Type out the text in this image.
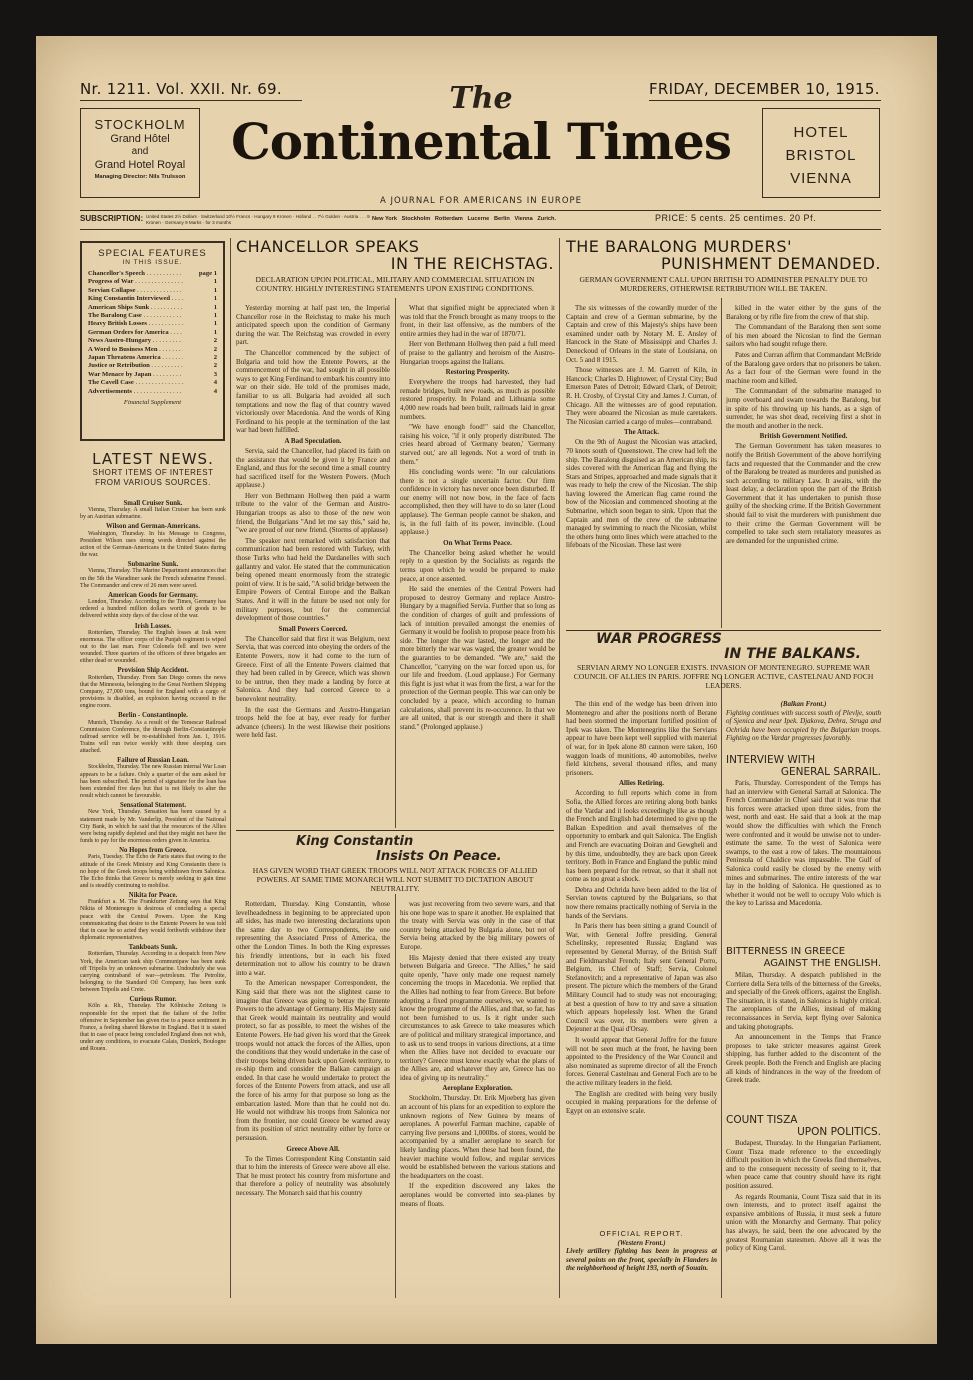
Nr. 1211. Vol. XXII. Nr. 69.	FRIDAY, DECEMBER 10, 1915.
STOCKHOLM
Grand Hôtel
and
Grand Hotel Royal
Managing Director: Nils Trulsson
The
Continental Times
A JOURNAL FOR AMERICANS IN EUROPE
HOTEL
BRISTOL
VIENNA
SUBSCRIPTION: United States 2½ Dollars · Switzerland 10½ Francs · Hungary 9 Kronen · Holland . . 7½ Gulden · Austria . . . 9 Kronen · Germany 9 Marks · for 3 months
New York   Stockholm   Rotterdam   Lucerne   Berlin   Vienna   Zurich.	PRICE: 5 cents. 25 centimes. 20 Pf.
SPECIAL FEATURES
IN THIS ISSUE.
Chancellor's Speech . . .	page 1
Progress of War . . .	1
Servian Collapse . . .	1
King Constantin Interviewed . . .	1
American Ships Sunk . . .	1
The Baralong Case . . .	1
Heavy British Losses . . .	1
German Orders for America . . .	1
News Austro-Hungary . . .	2
A Word to Business Men . . .	2
Japan Threatens America . . .	2
Justice or Retribution . . .	2
War Menace by Japan . . .	3
The Cavell Case . . .	4
Advertisements . . .	4
Financial Supplement
LATEST NEWS.
SHORT ITEMS OF INTEREST FROM VARIOUS SOURCES.
Small Cruiser Sunk.

Vienna, Thursday. A small Italian Cruiser has been sunk by an Austrian submarine.

Wilson and German-Americans.

Washington, Thursday. In his Message to Congress, President Wilson uses strong words directed against the action of the German-Americans in the United States during the war.

Submarine Sunk.

Vienna, Thursday. The Marine Department announces that on the 5th the Waradiner sank the French submarine Fresnel. The Commander and crew of 26 men were saved.

American Goods for Germany.

London, Thursday. According to the Times, Germany has ordered a hundred million dollars worth of goods to be delivered within sixty days of the close of the war.

Irish Losses.

Rotterdam, Thursday. The English losses at Irak were enormous. The officer corps of the Punjab regiment is wiped out to the last man. Four Colonels fell and two were wounded. Three quarters of the officers of three brigades are either dead or wounded.

Provision Ship Accident.

Rotterdam, Thursday. From San Diego comes the news that the Minnesota, belonging to the Great Northern Shipping Company, 27,000 tons, bound for England with a cargo of provisions is disabled, an explosion having occured in the engine room.

Berlin - Constantinople.

Munich, Thursday. As a result of the Temescar Railroad Commission Conference, the through Berlin-Constantinople railroad service will be re-established from Jan. 1, 1916. Trains will run twice weekly with three sleeping cars attached.

Failure of Russian Loan.

Stockholm, Thursday. The new Russian internal War Loan appears to be a failure. Only a quarter of the sum asked for has been subscribed. The period of signature for the loan has been extended five days but that is not likely to alter the result which cannot be favourable.

Sensational Statement.

New York, Thursday. Sensation has been caused by a statement made by Mr. Vanderlip, President of the National City Bank, in which he said that the resources of the Allies were being rapidly depleted and that they might not have the funds to pay for the enormous orders given in America.

No Hopes from Greece.

Paris, Tuesday. The Echo de Paris states that owing to the attitude of the Greek Ministry and King Constantin there is no hope of the Greek troops being withdrawn from Salonica. The Echo thinks that Greece is merely seeking to gain time and is steadily continuing to mobilise.

Nikita for Peace.

Frankfurt a. M. The Frankfurter Zeitung says that King Nikita of Montenegro is desirous of concluding a special peace with the Central Powers. Upon the King communicating that desire to the Entente Powers he was told that in case he so acted they would forthwith withdraw their diplomatic representatives.

Tankboats Sunk.

Rotterdam, Thursday. According to a despatch from New York, the American tank ship Communipaw has been sunk off Tripolis by an unknown submarine. Undoubtely she was carrying contraband of war—petroleum. The Petrolite, belonging to the Standard Oil Company, has been sunk between Tripolis and Crete.

Curious Rumor.

Köln a. Rh., Thursday. The Kölnische Zeitung is responsible for the report that the failure of the Joffre offensive in September has given rise to a peace sentiment in France, a feeling shared likewise in England. But it is stated that in case of peace being concluded England does not wish, under any conditions, to evacuate Calais, Dunkirk, Boulogne and Rouen.

CHANCELLOR SPEAKS
IN THE REICHSTAG.
DECLARATION UPON POLITICAL, MILITARY AND COMMERCIAL SITUATION IN COUNTRY. HIGHLY INTERESTING STATEMENTS UPON EXISTING CONDITIONS.

Yesterday morning at half past ten, the Imperial Chancellor rose in the Reichstag to make his much anticipated speech upon the condition of Germany during the war. The Reichstag was crowded in every part.

The Chancellor commenced by the subject of Bulgaria and told how the Entente Powers, at the commencement of the war, had sought in all possible ways to get King Ferdinand to embark his country into war on their side. He told of the promises made, familiar to us all. Bulgaria had avoided all such temptations and now the flag of that country waved victoriously over Macedonia. And the words of King Ferdinand to his people at the termination of the last war had been fulfilled.

A Bad Speculation.

Servia, said the Chancellor, had placed its faith on the assistance that would be given it by France and England, and thus for the second time a small country had sacrificed itself for the Western Powers. (Much applause.)

Herr von Bethmann Hollweg then paid a warm tribute to the valor of the German and Austro-Hungarian troops as also to those of the new won friend, the Bulgarians "And let me say this," said he, "we are proud of our new friend. (Storms of applause)

The speaker next remarked with satisfaction that communication had been restored with Turkey, with those Turks who had held the Dardanelles with such gallantry and valor. He stated that the communication being opened meant enormously from the strategic point of view. It is he said, "A solid bridge between the Empire Powers of Central Europe and the Balkan States. And it will in the future be used not only for military purposes, but for the commercial development of those countries."

Small Powers Coerced.

The Chancellor said that first it was Belgium, next Servia, that was coerced into obeying the orders of the Entente Powers, now it had come to the turn of Greece. First of all the Entente Powers claimed that they had been called in by Greece, which was shown to be untrue, then they made a landing by force at Salonica. And they had coerced Greece to a benevolent neutrality.

In the east the Germans and Austro-Hungarian troops held the foe at bay, ever ready for further advance (cheers). In the west likewise their positions were held fast.

What that signified might be appreciated when it was told that the French brought as many troops to the front, in their last offensive, as the numbers of the entire armies they had in the war of 1870/71.

Herr von Bethmann Hollweg then paid a full meed of praise to the gallantry and heroism of the Austro-Hungarian troops against the Italians.

Restoring Prosperity.

Everywhere the troops had harvested, they had remade bridges, built new roads, as much as possible restored prosperity. In Poland and Lithuania some 4,000 new roads had been built, railroads laid in great numbers.

"We have enough food!" said the Chancellor, raising his voice, "if it only properly distributed. The cries heard abroad of 'Germany beaten,' 'Germany starved out,' are all legends. Not a word of truth in them."

His concluding words were: "In our calculations there is not a single uncertain factor. Our firm confidence in victory has never once been disturbed. If our enemy will not now bow, in the face of facts accomplished, then they will have to do so later (Loud applause). The German people cannot be shaken, and is, in the full faith of its power, invincible. (Loud applause.)

On What Terms Peace.

The Chancellor being asked whether he would reply to a question by the Socialists as regards the terms upon which he would be prepared to make peace, at once assented.

He said the enemies of the Central Powers had proposed to destroy Germany and replace Austro-Hungary by a magnified Servia. Further that so long as the condition of charges of guilt and professions of lack of intuition prevailed amongst the enemies of Germany it would be foolish to propose peace from his side. The longer the war lasted, the longer and the more bitterly the war was waged, the greater would be the guaranties to be demanded. "We are," said the Chancellor, "carrying on the war forced upon us, for our life and freedom. (Loud applause.) For Germany this fight is just what it was from the first, a war for the protection of the German people. This war can only be concluded by a peace, which according to human calculations, shall prevent its re-occurence. In that we are all united, that is our strength and there it shall stand." (Prolonged applause.)

King Constantin
Insists On Peace.
HAS GIVEN WORD THAT GREEK TROOPS WILL NOT ATTACK FORCES OF ALLIED POWERS. AT SAME TIME MONARCH WILL NOT SUBMIT TO DICTATION ABOUT NEUTRALITY.

Rotterdam, Thursday. King Constantin, whose levelheadedness in beginning to be appreciated upon all sides, has made two interesting declarations upon the same day to two Correspondents, the one representing the Associated Press of America, the other the London Times. In both the King expresses his friendly intentions, but in each his fixed determination not to allow his country to be drawn into a war.

To the American newspaper Correspondent, the King said that there was not the slightest cause to imagine that Greece was going to betray the Entente Powers to the advantage of Germany. His Majesty said that Greek would maintain its neutrality and would protect, so far as possible, to meet the wishes of the Entente Powers. He had given his word that the Greek troops would not attack the forces of the Allies, upon the conditions that they would undertake in the case of their troops being driven back upon Greek territory, to re-ship them and consider the Balkan campaign as ended. In that case he would undertake to protect the forces of the Entente Powers from attack, and use all the force of his army for that purpose so long as the embarcation lasted. More than that he could not do. He would not withdraw his troops from Salonica nor from the frontier, nor could Greece be warned away from its position of strict neutrality either by force or persuasion.

Greece Above All.

To the Times Correspondent King Constantin said that to him the interests of Greece were above all else. That he must protect his country from misfortune and that therefore a policy of neutrality was absolutely necessary. The Monarch said that his country

was just recovering from two severe wars, and that his one hope was to spare it another. He explained that the treaty with Servia was only in the case of that country being attacked by Bulgaria alone, but not of Servia being attacked by the big military powers of Europe.

His Majesty denied that there existed any treaty between Bulgaria and Greece. "The Allies," he said quite openly, "have only made one request namely concerning the troops in Macedonia. We replied that the Allies had nothing to fear from Greece. But before adopting a fixed programme ourselves, we wanted to know the programme of the Allies, and that, so far, has not been furnished to us. Is it right under such circumstances to ask Greece to take measures which are of political and military strategical importance, and to ask us to send troops in various directions, at a time when the Allies have not decided to evacuate our territory? Greece must know exactly what the plans of the Allies are, and whatever they are, Greece has no idea of giving up its neutrality."

Aeroplane Exploration.

Stockholm, Thursday. Dr. Erik Mjoeberg has given an account of his plans for an expedition to explore the unknown regions of New Guinea by means of aeroplanes. A powerful Farman machine, capable of carrying five persons and 1,000lbs. of stores, would be accompanied by a smaller aeroplane to search for likely landing places. When these had been found, the heavier machine would follow, and regular services would be established between the various stations and the headquarters on the coast.

If the expedition discovered any lakes the aeroplanes would be converted into sea-planes by means of floats.

THE BARALONG MURDERS'
PUNISHMENT DEMANDED.
GERMAN GOVERNMENT CALL UPON BRITISH TO ADMINISTER PENALTY DUE TO MURDERERS, OTHERWISE RETRIBUTION WILL BE TAKEN.

The six witnesses of the cowardly murder of the Captain and crew of a German submarine, by the Captain and crew of this Majesty's ships have been examined under oath by Notary M. E. Ansley of Hancock in the State of Mississippi and Charles J. Deneckoud of Orleans in the state of Louisiana, on Oct. 5 and 8 1915.

Those witnesses are J. M. Garrett of Kiln, in Hancock; Charles D. Hightower, of Crystal City; Bud Emerson Pates of Detroit; Edward Clark, of Detroit; R. H. Crosby, of Crystal City and James J. Curran, of Chicago. All the witnesses are of good reputation. They were aboared the Nicosian as mule caretakers. The Nicosian carried a cargo of mules—contraband.

The Attack.

On the 9th of August the Nicosian was attacked, 70 knots south of Queenstown. The crew had left the ship. The Baralong disguised as an American ship, its sides covered with the American flag and flying the Stars and Stripes, approached and made signals that it was ready to help the crew of the Nicosian. The ship having lowered the American flag came round the bow of the Nicosian and commenced shooting at the Submarine, which soon began to sink. Upon that the Captain and men of the crew of the submarine managed by swimming to reach the Nicosian, whilst the others hung onto lines which were attached to the lifeboats of the Nicosian. These last were

killed in the water either by the guns of the Baralong or by rifle fire from the crew of that ship.

The Commandant of the Baralong then sent some of his men aboard the Nicosian to find the German sailors who had sought refuge there.

Pates and Curran affirm that Commandant McBride of the Baralong gave orders that no prisoners be taken. As a fact four of the German were found in the machine room and killed.

The Commandant of the submarine managed to jump overboard and swam towards the Baralong, but in spite of his throwing up his hands, as a sign of surrender, he was shot dead, receiving first a shot in the mouth and another in the neck.

British Government Notified.

The German Government has taken measures to notify the British Government of the above horrifying facts and requested that the Commander and the crew of the Baralong be treated as murderes and punished as such according to military Law. It awaits, with the least delay, a declaration upon the part of the British Government that it has undertaken to punish those guilty of the shocking crime. If the British Government should fail to visit the murderers with punishment due to their crime the German Government will be compelled to take such stern retaliatory measures as are demanded for the unpunished crime.

WAR PROGRESS
IN THE BALKANS.
SERVIAN ARMY NO LONGER EXISTS. INVASION OF MONTENEGRO. SUPREME WAR COUNCIL OF ALLIES IN PARIS. JOFFRE NO LONGER ACTIVE, CASTELNAU AND FOCH LEADERS.

The thin end of the wedge has been driven into Montenegro and after the positions north of Berane had been stormed the important fortified position of Ipek was taken. The Montenegrins like the Servians appear to have been kept well supplied with material of war, for in Ipek alone 80 cannon were taken, 160 waggon loads of munitions, 40 automobiles, twelve field kitchens, several thousand rifles, and many prisoners.

Allies Retiring.

According to full reports which come in from Sofia, the Allied forces are retiring along both banks of the Vardar and it looks exceedingly like as though the French and English had determined to give up the Balkan Expedition and avail themselves of the opportunity to embark and quit Salonica. The English and French are evacuating Doiran and Gewgheli and by this time, undoubtedly, they are back upon Greek territory. Both in France and England the public mind has been prepared for the retreat, so that it shall not come as too great a shock.

Debra and Ochrida have been added to the list of Servian towns captured by the Bulgarians, so that now there remains practically nothing of Servia in the hands of the Servians.

In Paris there has been sitting a grand Council of War, with General Joffre presiding. General Schelinsky, represented Russia; England was represented by General Murray, of the British Staff and Fieldmarshal French; Italy sent General Porro, Belgium, its Chief of Staff; Servia, Colonel Stefanovitch; and a representative of Japan was also present. The picture which the members of the Grand Military Council had to study was not encouraging; at best a question of how to try and save a situation which appears hopelessly lost. When the Grand Council was over, its members were given a Dejeuner at the Quai d'Orsay.

It would appear that General Joffre for the future will not be seen much at the front, he having been appointed to the Presidency of the War Council and also nominated as supreme director of all the French forces. General Castelnau and General Foch are to be the active military leaders in the field.

The English are credited with being very busily occupied in making preparations for the defense of Egypt on an extensive scale.

OFFICIAL REPORT.
(Western Front.)
Lively artillery fighting has been in progress at several points on the front, specially in Flanders in the neighborhood of height 193, north of Souain.
(Balkan Front.)
Fighting continues with success south of Plevlje, south of Sjenica and near Ipek. Djakova, Debra, Struga and Ochrida have been occupied by the Bulgarian troops. Fighting on the Vardar progresses favorably.
INTERVIEW WITH
GENERAL SARRAIL.
Paris, Thursday. Correspondent of the Temps has had an interview with General Sarrail at Salonica. The French Commander in Chief said that it was true that his forces were attacked upon three sides, from the west, north and east. He said that a look at the map would show the difficulties with which the French were confronted and it would be unwise not to under-estimate the same. To the west of Salonica were swamps, to the east a row of lakes. The mountainous Peninsula of Chaldice was impassable. The Gulf of Salonica could easily be closed by the enemy with mines and submarines. The entire interests of the war lay in the holding of Salonica. He questioned as to whether it would not be well to occupy Volo which is the key to Larissa and Macedonia.
BITTERNESS IN GREECE
AGAINST THE ENGLISH.

Milan, Thursday. A despatch published in the Corriere della Sera tells of the bitterness of the Greeks, and specially of the Greek officers, against the English. The situation, it is stated, in Salonica is highly critical. The aeroplanes of the Allies, instead of making reconnaissances in Servia, kept flying over Salonica and taking photographs.

An announcement in the Temps that France proposes to take stricter measures against Greek shipping, has further added to the discontent of the Greek people. Both the French and English are placing all kinds of hindrances in the way of the freedom of Greek trade.

COUNT TISZA
UPON POLITICS.

Budapest, Thursday. In the Hungarian Parliament, Count Tisza made reference to the exceedingly difficult position in which the Greeks find themselves, and to the consequent necessity of seeing to it, that when peace came that country should have its right position assured.

As regards Roumania, Count Tisza said that in its own interests, and to protect itself against the expansive ambitions of Russia, it must seek a future union with the Monarchy and Germany. That policy has always, he said, been the one advocated by the greatest Roumanian statesmen. Above all it was the policy of King Carol.
